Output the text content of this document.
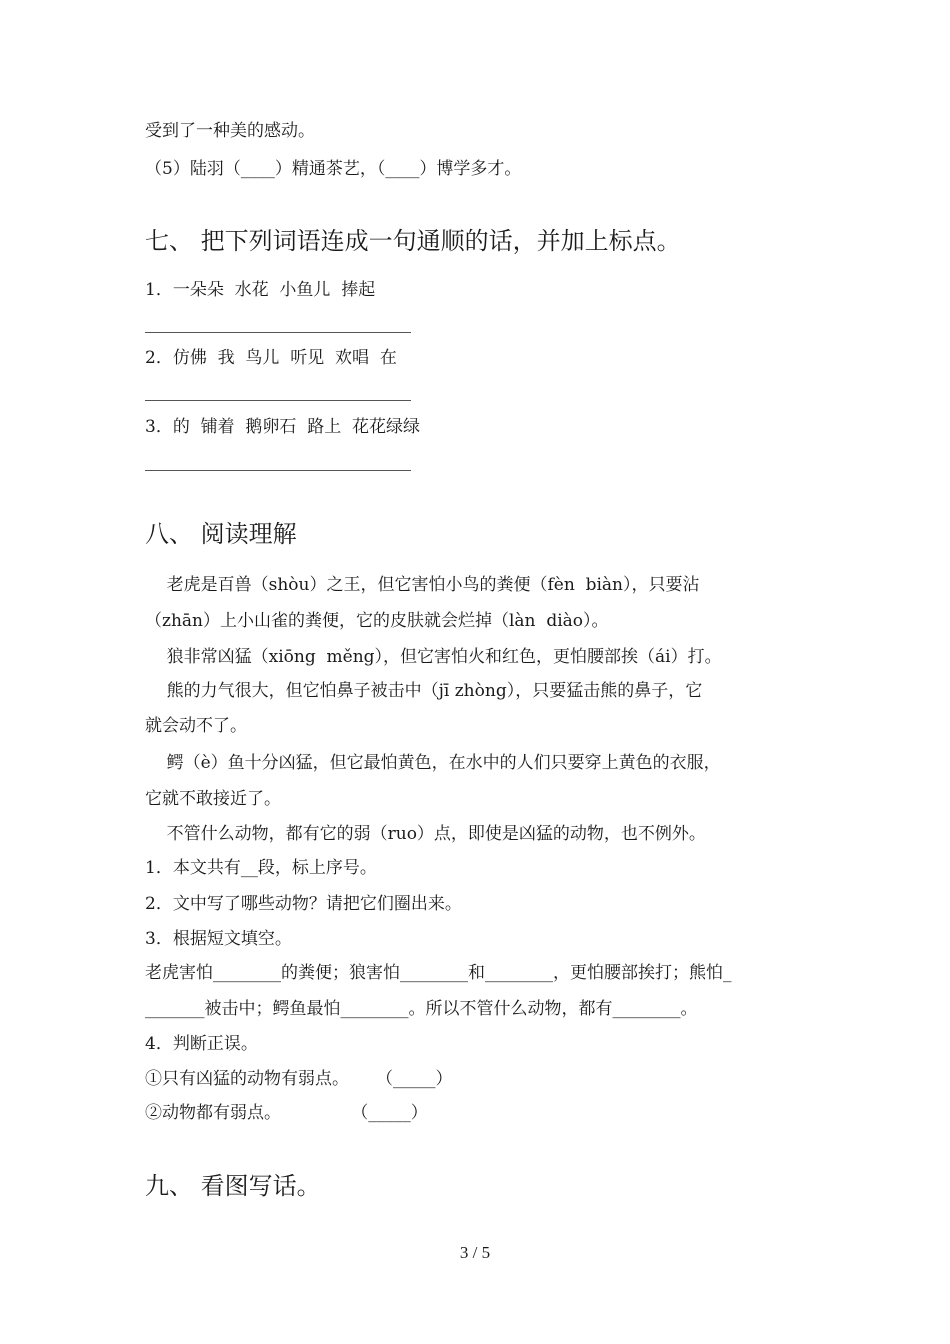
受到了一种美的感动。
（5）陆羽（____）精通茶艺，（____）博学多才。
七、 把下列词语连成一句通顺的话，并加上标点。
1．一朵朵  水花  小鱼儿  捧起
2．仿佛  我  鸟儿  听见  欢唱  在
3．的  铺着  鹅卵石  路上  花花绿绿
八、 阅读理解
老虎是百兽（shòu）之王，但它害怕小鸟的粪便（fèn  biàn），只要沾
（zhān）上小山雀的粪便，它的皮肤就会烂掉（làn  diào）。
狼非常凶猛（xiōng  měng），但它害怕火和红色，更怕腰部挨（ái）打。
熊的力气很大，但它怕鼻子被击中（jī zhòng），只要猛击熊的鼻子，它
就会动不了。
鳄（è）鱼十分凶猛，但它最怕黄色，在水中的人们只要穿上黄色的衣服，
它就不敢接近了。
不管什么动物，都有它的弱（ruo）点，即使是凶猛的动物，也不例外。
1．本文共有__段，标上序号。
2．文中写了哪些动物？请把它们圈出来。
3．根据短文填空。
老虎害怕________的粪便；狼害怕________和________，更怕腰部挨打；熊怕_
_______被击中；鳄鱼最怕________。所以不管什么动物，都有________。
4．判断正误。
①只有凶猛的动物有弱点。     （_____）
②动物都有弱点。             （_____）
九、 看图写话。
3 / 5
